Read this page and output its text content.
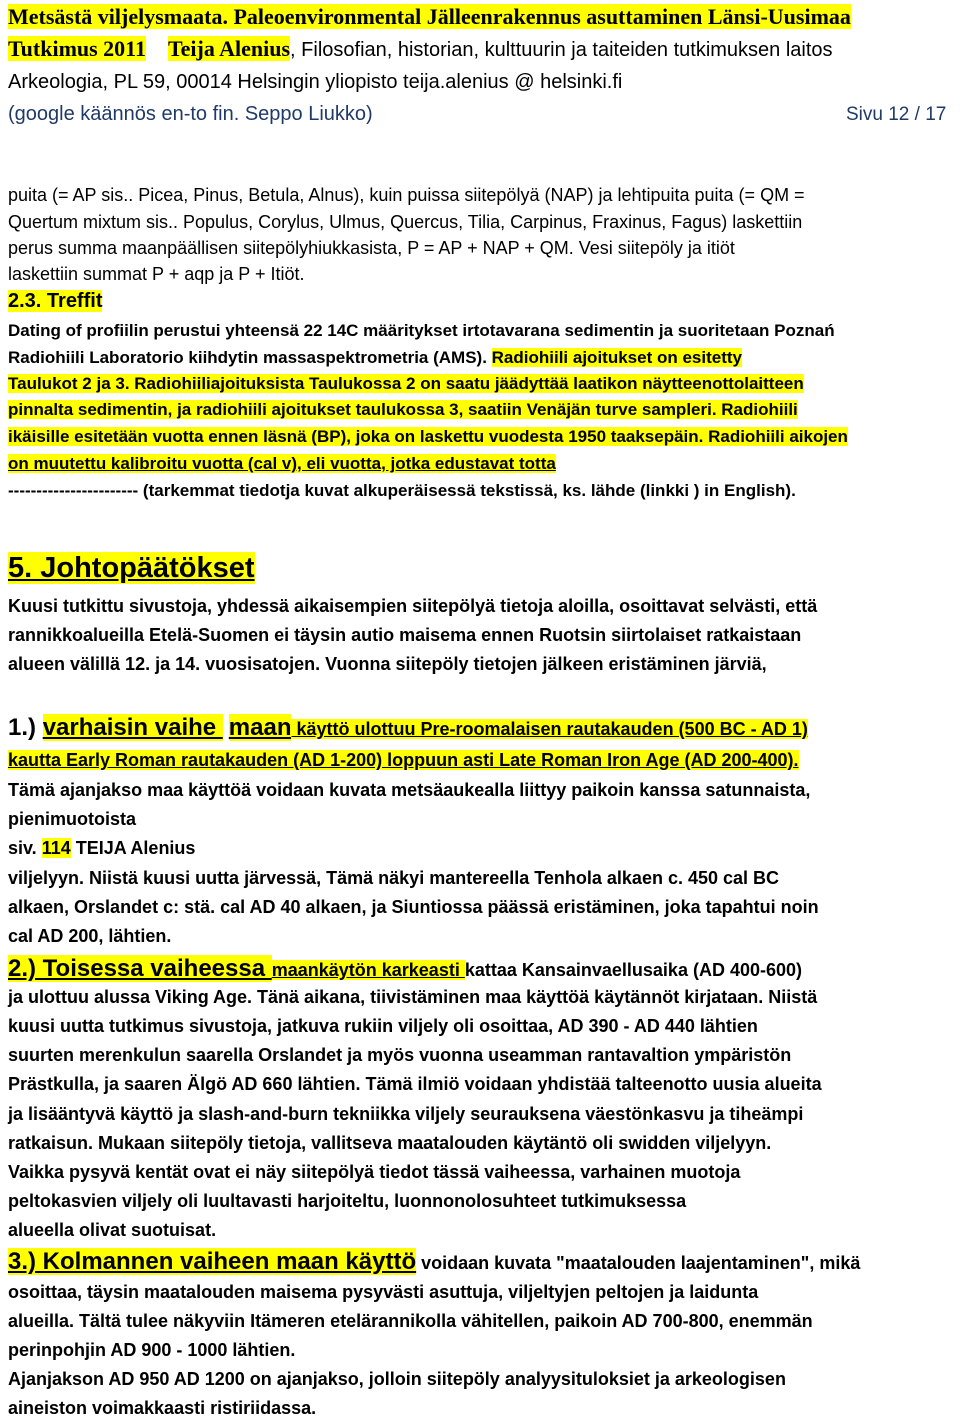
Metsästä viljelysmaata. Paleoenvironmental Jälleenrakennus asuttaminen Länsi-Uusimaa
Tutkimus 2011 Teija Alenius, Filosofian, historian, kulttuurin ja taiteiden tutkimuksen laitos
Arkeologia, PL 59, 00014 Helsingin yliopisto teija.alenius @ helsinki.fi
(google käännös en-to fin. Seppo Liukko)	Sivu 12 / 17
puita (= AP sis.. Picea, Pinus, Betula, Alnus), kuin puissa siitepölyä (NAP) ja lehtipuita puita (= QM =
Quertum mixtum sis.. Populus, Corylus, Ulmus, Quercus, Tilia, Carpinus, Fraxinus, Fagus) laskettiin
perus summa maanpäällisen siitepölyhiukkasista, P = AP + NAP + QM. Vesi siitepöly ja itiöt
laskettiin summat P + aqp ja P + Itiöt.
2.3. Treffit
Dating of profiilin perustui yhteensä 22 14C määritykset irtotavarana sedimentin ja suoritetaan Poznań
Radiohiili Laboratorio kiihdytin massaspektrometria (AMS). Radiohiili ajoitukset on esitetty
Taulukot 2 ja 3. Radiohiiliajoituksista Taulukossa 2 on saatu jäädyttää laatikon näytteenottolaitteen
pinnalta sedimentin, ja radiohiili ajoitukset taulukossa 3, saatiin Venäjän turve sampleri. Radiohiili
ikäisille esitetään vuotta ennen läsnä (BP), joka on laskettu vuodesta 1950 taaksepäin. Radiohiili aikojen
on muutettu kalibroitu vuotta (cal v), eli vuotta, jotka edustavat totta
----------------------- (tarkemmat tiedotja kuvat alkuperäisessä tekstissä, ks. lähde (linkki ) in English).
5. Johtopäätökset
Kuusi tutkittu sivustoja, yhdessä aikaisempien siitepölyä tietoja aloilla, osoittavat selvästi, että
rannikkoalueilla Etelä-Suomen ei täysin autio maisema ennen Ruotsin siirtolaiset ratkaistaan
alueen välillä 12. ja 14. vuosisatojen. Vuonna siitepöly tietojen jälkeen eristäminen järviä,
1.) varhaisin vaihe maan käyttö ulottuu Pre-roomalaisen rautakauden (500 BC - AD 1)
kautta Early Roman rautakauden (AD 1-200) loppuun asti Late Roman Iron Age (AD 200-400).
Tämä ajanjakso maa käyttöä voidaan kuvata metsäaukealla liittyy paikoin kanssa satunnaista,
pienimuotoista
siv. 114 TEIJA Alenius
viljelyyn. Niistä kuusi uutta järvessä, Tämä näkyi mantereella Tenhola alkaen c. 450 cal BC
alkaen, Orslandet c: stä. cal AD 40 alkaen, ja Siuntiossa päässä eristäminen, joka tapahtui noin
cal AD 200, lähtien.
2.) Toisessa vaiheessa maankäytön karkeasti kattaa Kansainvaellusaika (AD 400-600)
ja ulottuu alussa Viking Age. Tänä aikana, tiivistäminen maa käyttöä käytännöt kirjataan. Niistä
kuusi uutta tutkimus sivustoja, jatkuva rukiin viljely oli osoittaa, AD 390 - AD 440 lähtien
suurten merenkulun saarella Orslandet ja myös vuonna useamman rantavaltion ympäristön
Prästkulla, ja saaren Älgö AD 660 lähtien. Tämä ilmiö voidaan yhdistää talteenotto uusia alueita
ja lisääntyvä käyttö ja slash-and-burn tekniikka viljely seurauksena väestönkasvu ja tiheämpi
ratkaisun. Mukaan siitepöly tietoja, vallitseva maatalouden käytäntö oli swidden viljelyyn.
Vaikka pysyvä kentät ovat ei näy siitepölyä tiedot tässä vaiheessa, varhainen muotoja
peltokasvien viljely oli luultavasti harjoiteltu, luonnonolosuhteet tutkimuksessa
alueella olivat suotuisat.
3.) Kolmannen vaiheen maan käyttö voidaan kuvata "maatalouden laajentaminen", mikä
osoittaa, täysin maatalouden maisema pysyvästi asuttuja, viljeltyjen peltojen ja laidunta
alueilla. Tältä tulee näkyviin Itämeren etelärannikolla vähitellen, paikoin AD 700-800, enemmän
perinpohjin AD 900 - 1000 lähtien.
Ajanjakson AD 950 AD 1200 on ajanjakso, jolloin siitepöly analyysituloksiet ja arkeologisen
aineiston voimakkaasti ristiriidassa.
